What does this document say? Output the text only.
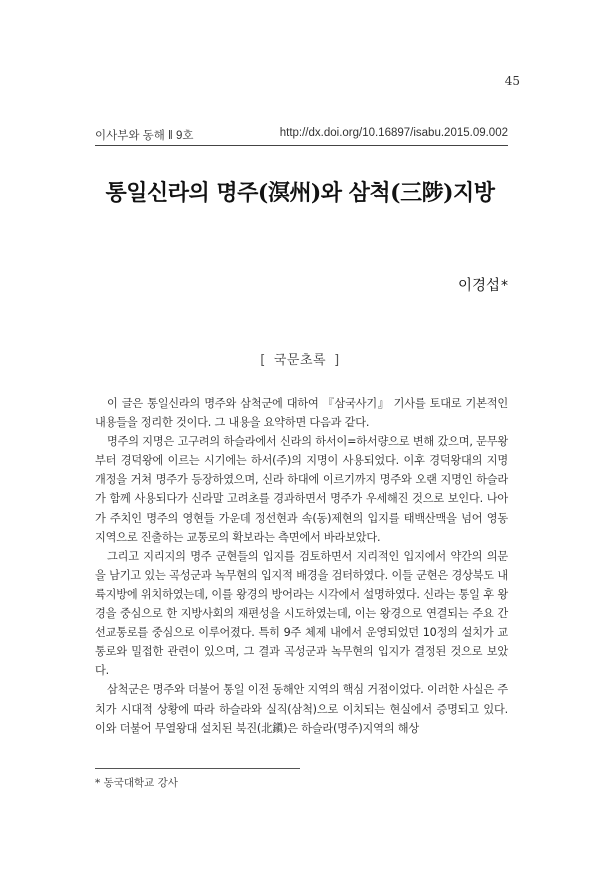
45
이사부와 동해 ‖ 9호	http://dx.doi.org/10.16897/isabu.2015.09.002
통일신라의 명주(溟州)와 삼척(三陟)지방
이경섭*
[ 국문초록 ]

이 글은 통일신라의 명주와 삼척군에 대하여 『삼국사기』 기사를 토대로 기본적인 내용들을 정리한 것이다. 그 내용을 요약하면 다음과 같다.

명주의 지명은 고구려의 하슬라에서 신라의 하서이=하서량으로 변해 갔으며, 문무왕부터 경덕왕에 이르는 시기에는 하서(주)의 지명이 사용되었다. 이후 경덕왕대의 지명 개정을 거쳐 명주가 등장하였으며, 신라 하대에 이르기까지 명주와 오랜 지명인 하슬라가 함께 사용되다가 신라말 고려초를 경과하면서 명주가 우세해진 것으로 보인다. 나아가 주치인 명주의 영현들 가운데 정선현과 속(동)제현의 입지를 태백산맥을 넘어 영동지역으로 진출하는 교통로의 확보라는 측면에서 바라보았다.

그리고 지리지의 명주 군현들의 입지를 검토하면서 지리적인 입지에서 약간의 의문을 남기고 있는 곡성군과 녹무현의 입지적 배경을 검터하였다. 이들 군현은 경상북도 내륙지방에 위치하였는데, 이를 왕경의 방어라는 시각에서 설명하였다. 신라는 통일 후 왕경을 중심으로 한 지방사회의 재편성을 시도하였는데, 이는 왕경으로 연결되는 주요 간선교통로를 중심으로 이루어졌다. 특히 9주 체제 내에서 운영되었던 10정의 설치가 교통로와 밀접한 관련이 있으며, 그 결과 곡성군과 녹무현의 입지가 결정된 것으로 보았다.

삼척군은 명주와 더불어 통일 이전 동해안 지역의 핵심 거점이었다. 이러한 사실은 주치가 시대적 상황에 따라 하슬라와 실직(삼척)으로 이치되는 현실에서 증명되고 있다. 이와 더불어 무열왕대 설치된 북진(北鎭)은 하슬라(명주)지역의 해상

* 동국대학교 강사
